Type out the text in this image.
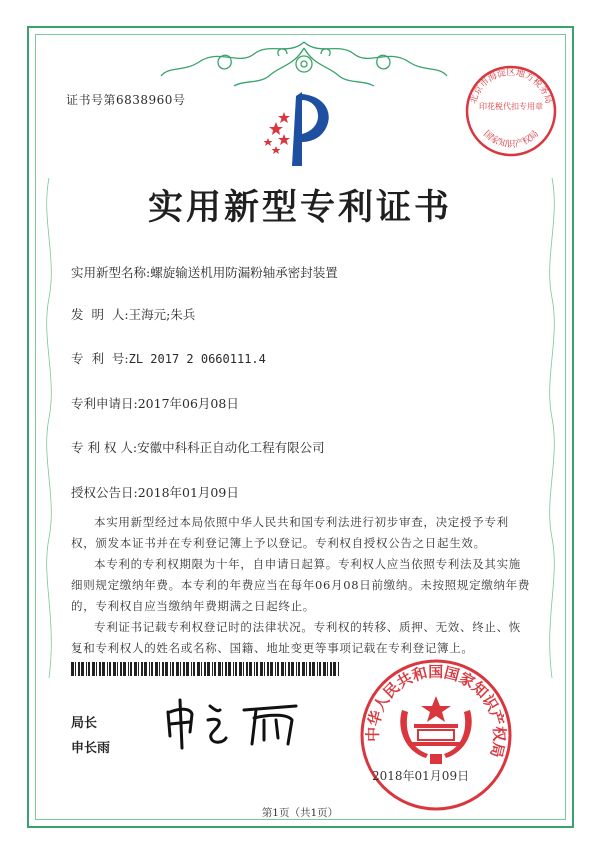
证书号第6838960号
实用新型专利证书
实用新型名称:螺旋输送机用防漏粉轴承密封装置
发  明  人:王海元;朱兵
专  利  号:ZL 2017 2 0660111.4
专利申请日:2017年06月08日
专 利 权 人:安徽中科科正自动化工程有限公司
授权公告日:2018年01月09日

本实用新型经过本局依照中华人民共和国专利法进行初步审查，决定授予专利权，颁发本证书并在专利登记簿上予以登记。专利权自授权公告之日起生效。

本专利的专利权期限为十年，自申请日起算。专利权人应当依照专利法及其实施细则规定缴纳年费。本专利的年费应当在每年06月08日前缴纳。未按照规定缴纳年费的，专利权自应当缴纳年费期满之日起终止。

专利证书记载专利权登记时的法律状况。专利权的转移、质押、无效、终止、恢复和专利权人的姓名或名称、国籍、地址变更等事项记载在专利登记簿上。

局长
申长雨
北京市海淀区地方税务局
国家知识产权局
印花税代扣专用章
中华人民共和国国家知识产权局
2018年01月09日
第1页（共1页）
